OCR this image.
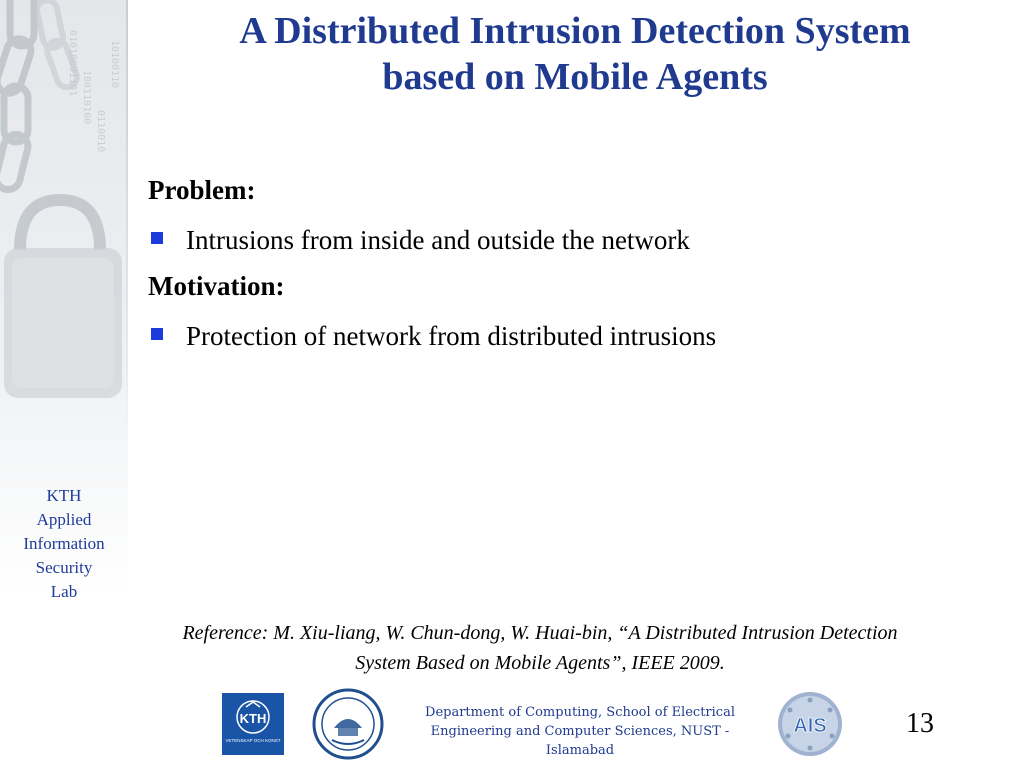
01010001101
100110100
0110010
10100110
KTH
Applied
Information
Security
Lab
A Distributed Intrusion Detection System
based on Mobile Agents
Problem:
Intrusions from inside and outside the network
Motivation:
Protection of network from distributed intrusions
Reference: M. Xiu-liang, W. Chun-dong, W. Huai-bin, “A Distributed Intrusion Detection
System Based on Mobile Agents”, IEEE 2009.
KTH
VETENSKAP OCH KONST
Department of Computing, School of Electrical
Engineering and Computer Sciences, NUST -
Islamabad
AIS	13
